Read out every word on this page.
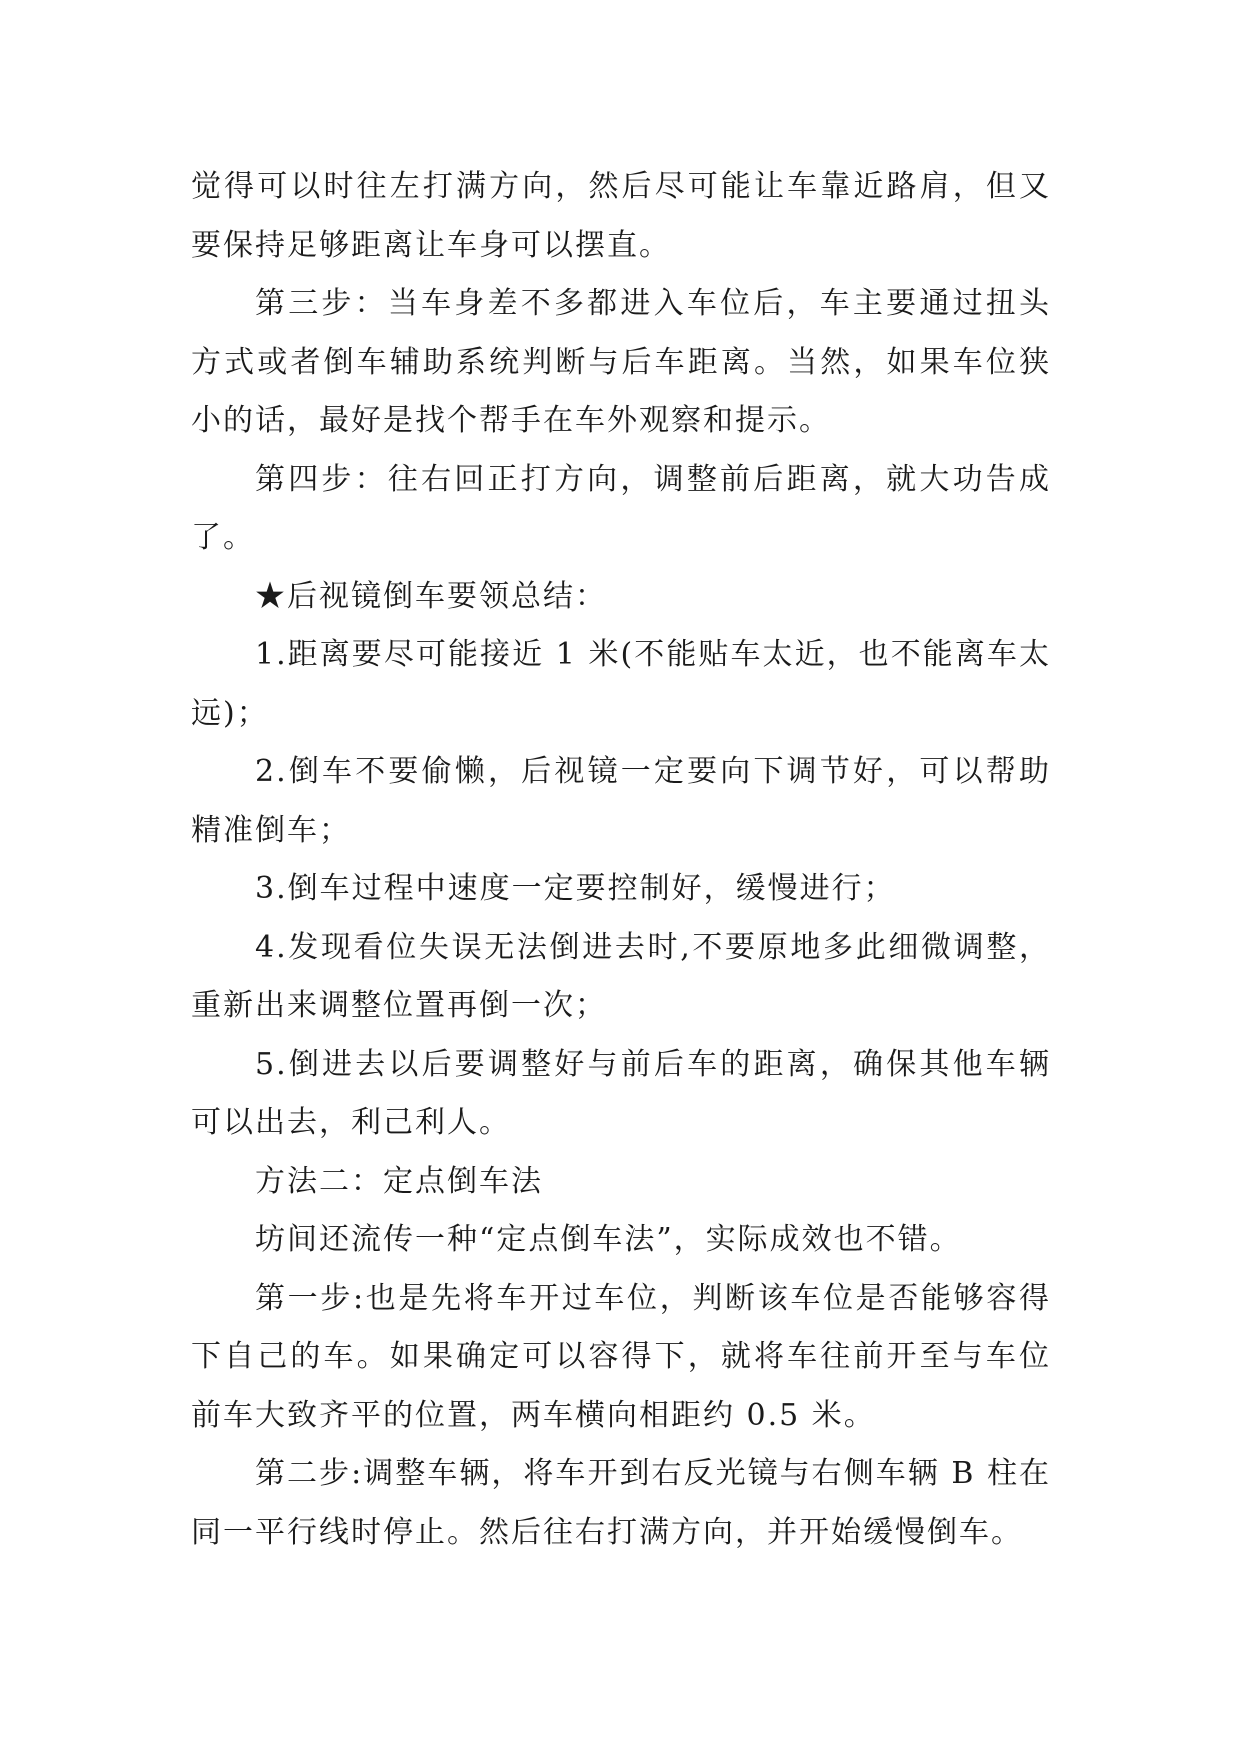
觉得可以时往左打满方向，然后尽可能让车靠近路肩，但又要保持足够距离让车身可以摆直。

第三步：当车身差不多都进入车位后，车主要通过扭头方式或者倒车辅助系统判断与后车距离。当然，如果车位狭小的话，最好是找个帮手在车外观察和提示。

第四步：往右回正打方向，调整前后距离，就大功告成了。

★后视镜倒车要领总结：

1.距离要尽可能接近 1 米(不能贴车太近，也不能离车太远)；

2.倒车不要偷懒，后视镜一定要向下调节好，可以帮助精准倒车；

3.倒车过程中速度一定要控制好，缓慢进行；

4.发现看位失误无法倒进去时,不要原地多此细微调整，重新出来调整位置再倒一次；

5.倒进去以后要调整好与前后车的距离，确保其他车辆可以出去，利己利人。

方法二：定点倒车法

坊间还流传一种“定点倒车法”，实际成效也不错。

第一步:也是先将车开过车位，判断该车位是否能够容得下自己的车。如果确定可以容得下，就将车往前开至与车位前车大致齐平的位置，两车横向相距约 0.5 米。

第二步:调整车辆，将车开到右反光镜与右侧车辆 B 柱在同一平行线时停止。然后往右打满方向，并开始缓慢倒车。
